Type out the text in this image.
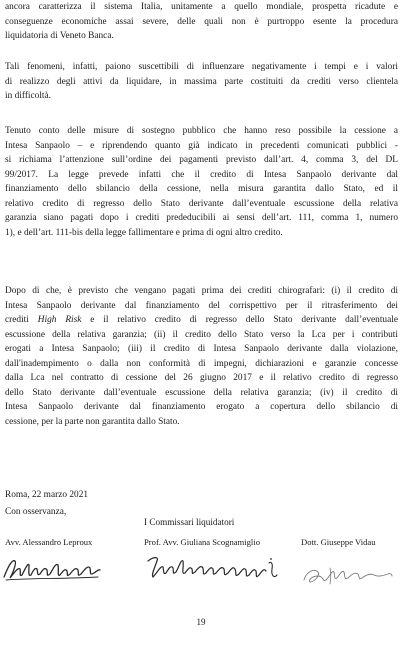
ancora caratterizza il sistema Italia, unitamente a quello mondiale, prospetta ricadute e
conseguenze economiche assai severe, delle quali non è purtroppo esente la procedura
liquidatoria di Veneto Banca.

Tali fenomeni, infatti, paiono suscettibili di influenzare negativamente i tempi e i valori
di realizzo degli attivi da liquidare, in massima parte costituiti da crediti verso clientela
in difficoltà.

Tenuto conto delle misure di sostegno pubblico che hanno reso possibile la cessione a
Intesa Sanpaolo – e riprendendo quanto già indicato in precedenti comunicati pubblici -
si richiama l’attenzione sull’ordine dei pagamenti previsto dall’art. 4, comma 3, del DL
99/2017. La legge prevede infatti che il credito di Intesa Sanpaolo derivante dal
finanziamento dello sbilancio della cessione, nella misura garantita dallo Stato, ed il
relativo credito di regresso dello Stato derivante dall’eventuale escussione della relativa
garanzia siano pagati dopo i crediti prededucibili ai sensi dell’art. 111, comma 1, numero
1), e dell’art. 111-bis della legge fallimentare e prima di ogni altro credito.

Dopo di che, è previsto che vengano pagati prima dei crediti chirografari: (i) il credito di
Intesa Sanpaolo derivante dal finanziamento del corrispettivo per il ritrasferimento dei
crediti High Risk e il relativo credito di regresso dello Stato derivante dall’eventuale
escussione della relativa garanzia; (ii) il credito dello Stato verso la Lca per i contributi
erogati a Intesa Sanpaolo; (iii) il credito di Intesa Sanpaolo derivante dalla violazione,
dall'inadempimento o dalla non conformità di impegni, dichiarazioni e garanzie concesse
dalla Lca nel contratto di cessione del 26 giugno 2017 e il relativo credito di regresso
dello Stato derivante dall’eventuale escussione della relativa garanzia; (iv) il credito di
Intesa Sanpaolo derivante dal finanziamento erogato a copertura dello sbilancio di
cessione, per la parte non garantita dallo Stato.

Roma, 22 marzo 2021

Con osservanza,

I Commissari liquidatori
Avv. Alessandro Leproux	Prof. Avv. Giuliana Scognamiglio	Dott. Giuseppe Vidau
19
